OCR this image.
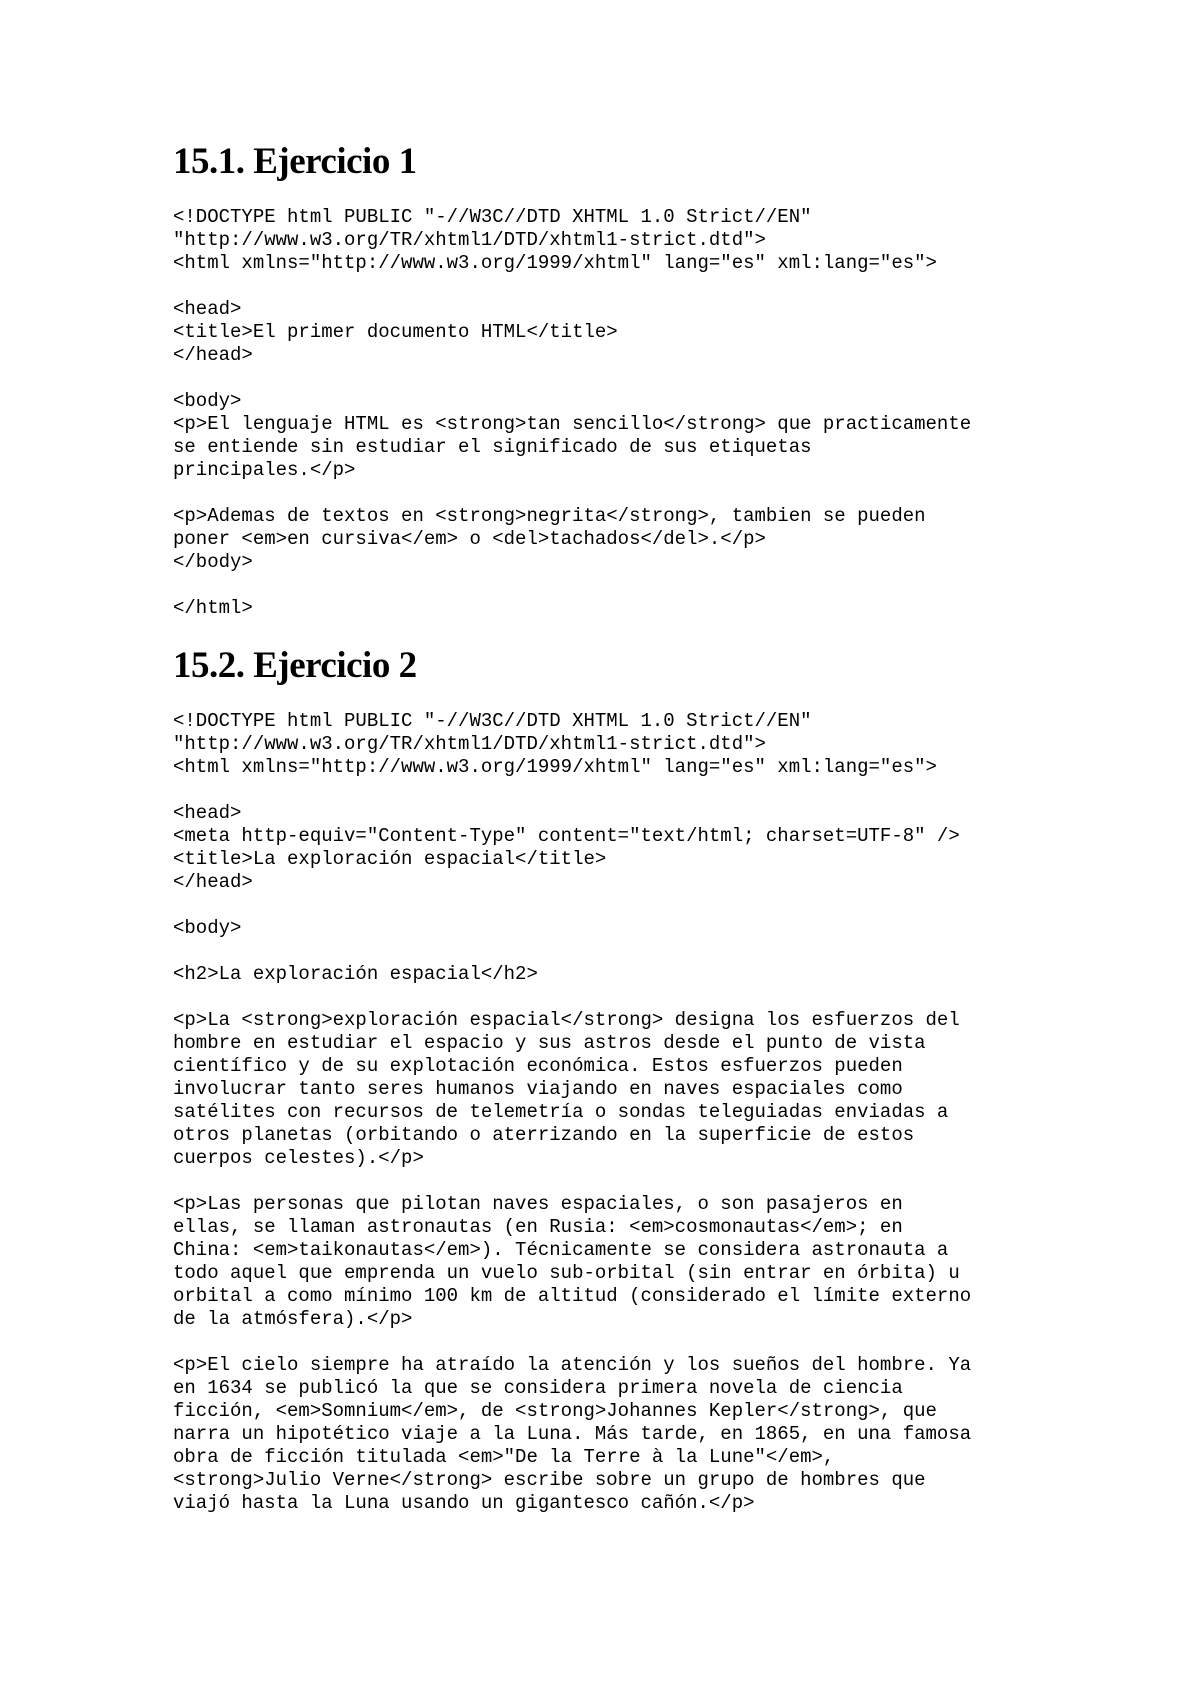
15.1. Ejercicio 1
<!DOCTYPE html PUBLIC "-//W3C//DTD XHTML 1.0 Strict//EN"
"http://www.w3.org/TR/xhtml1/DTD/xhtml1-strict.dtd">
<html xmlns="http://www.w3.org/1999/xhtml" lang="es" xml:lang="es">
<head>
<title>El primer documento HTML</title>
</head>
<body>
<p>El lenguaje HTML es <strong>tan sencillo</strong> que practicamente
se entiende sin estudiar el significado de sus etiquetas
principales.</p>
<p>Ademas de textos en <strong>negrita</strong>, tambien se pueden
poner <em>en cursiva</em> o <del>tachados</del>.</p>
</body>
</html>
15.2. Ejercicio 2
<!DOCTYPE html PUBLIC "-//W3C//DTD XHTML 1.0 Strict//EN"
"http://www.w3.org/TR/xhtml1/DTD/xhtml1-strict.dtd">
<html xmlns="http://www.w3.org/1999/xhtml" lang="es" xml:lang="es">
<head>
<meta http-equiv="Content-Type" content="text/html; charset=UTF-8" />
<title>La exploración espacial</title>
</head>
<body>
<h2>La exploración espacial</h2>
<p>La <strong>exploración espacial</strong> designa los esfuerzos del
hombre en estudiar el espacio y sus astros desde el punto de vista
científico y de su explotación económica. Estos esfuerzos pueden
involucrar tanto seres humanos viajando en naves espaciales como
satélites con recursos de telemetría o sondas teleguiadas enviadas a
otros planetas (orbitando o aterrizando en la superficie de estos
cuerpos celestes).</p>
<p>Las personas que pilotan naves espaciales, o son pasajeros en
ellas, se llaman astronautas (en Rusia: <em>cosmonautas</em>; en
China: <em>taikonautas</em>). Técnicamente se considera astronauta a
todo aquel que emprenda un vuelo sub-orbital (sin entrar en órbita) u
orbital a como mínimo 100 km de altitud (considerado el límite externo
de la atmósfera).</p>
<p>El cielo siempre ha atraído la atención y los sueños del hombre. Ya
en 1634 se publicó la que se considera primera novela de ciencia
ficción, <em>Somnium</em>, de <strong>Johannes Kepler</strong>, que
narra un hipotético viaje a la Luna. Más tarde, en 1865, en una famosa
obra de ficción titulada <em>"De la Terre à la Lune"</em>,
<strong>Julio Verne</strong> escribe sobre un grupo de hombres que
viajó hasta la Luna usando un gigantesco cañón.</p>
